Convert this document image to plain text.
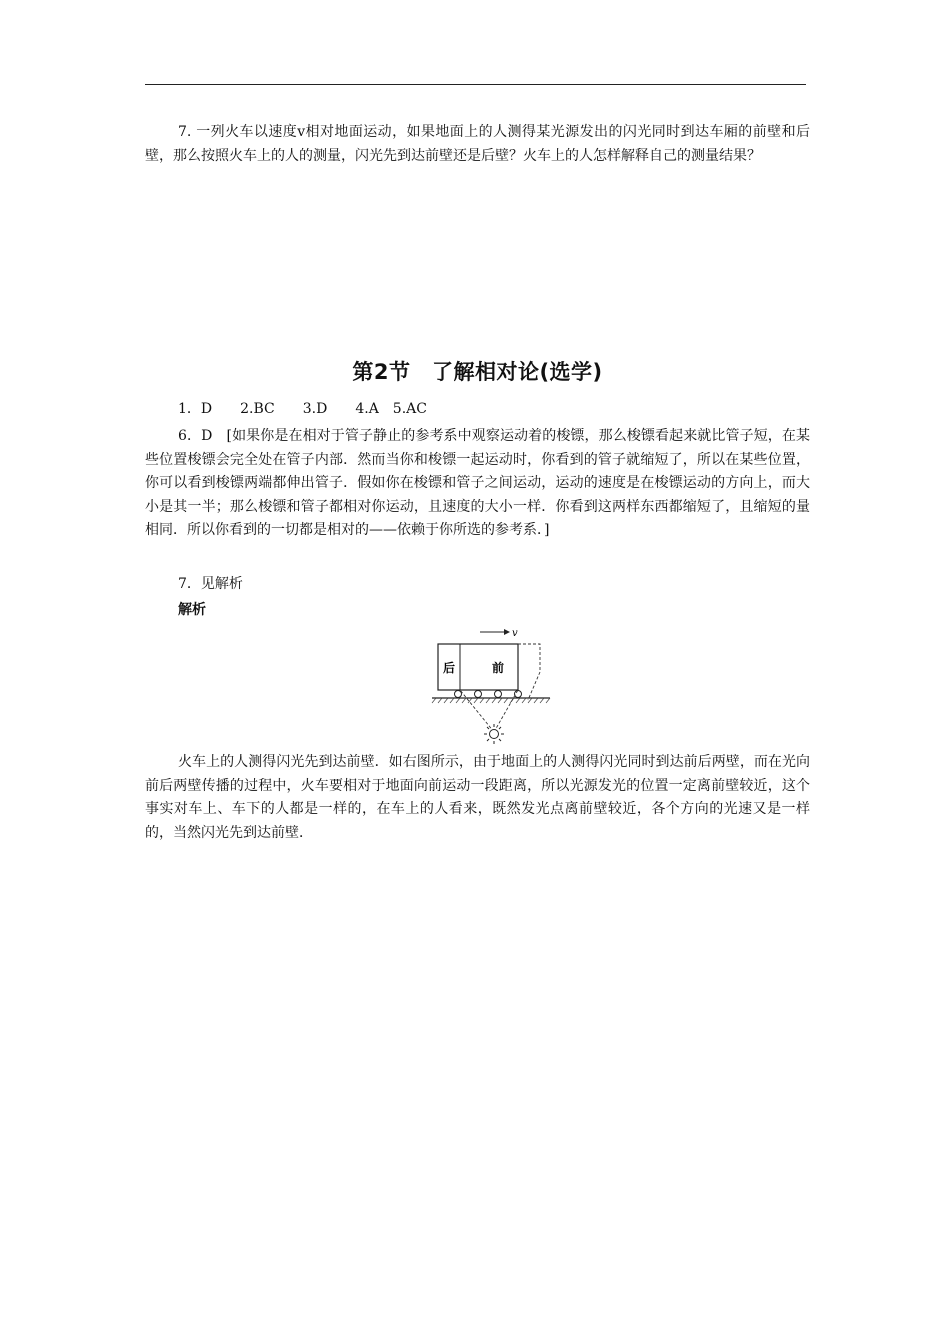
7. 一列火车以速度v相对地面运动，如果地面上的人测得某光源发出的闪光同时到达车厢的前壁和后壁，那么按照火车上的人的测量，闪光先到达前壁还是后壁？火车上的人怎样解释自己的测量结果？

第2节　了解相对论(选学)

1．D　　2.BC　　3.D　　4.A　5.AC

6．D　[如果你是在相对于管子静止的参考系中观察运动着的梭镖，那么梭镖看起来就比管子短，在某些位置梭镖会完全处在管子内部．然而当你和梭镖一起运动时，你看到的管子就缩短了，所以在某些位置，你可以看到梭镖两端都伸出管子．假如你在梭镖和管子之间运动，运动的速度是在梭镖运动的方向上，而大小是其一半；那么梭镖和管子都相对你运动，且速度的大小一样．你看到这两样东西都缩短了，且缩短的量相同．所以你看到的一切都是相对的——依赖于你所选的参考系．]

7．见解析

解析

v
后	前

火车上的人测得闪光先到达前壁．如右图所示，由于地面上的人测得闪光同时到达前后两壁，而在光向前后两壁传播的过程中，火车要相对于地面向前运动一段距离，所以光源发光的位置一定离前壁较近，这个事实对车上、车下的人都是一样的，在车上的人看来，既然发光点离前壁较近，各个方向的光速又是一样的，当然闪光先到达前壁．
